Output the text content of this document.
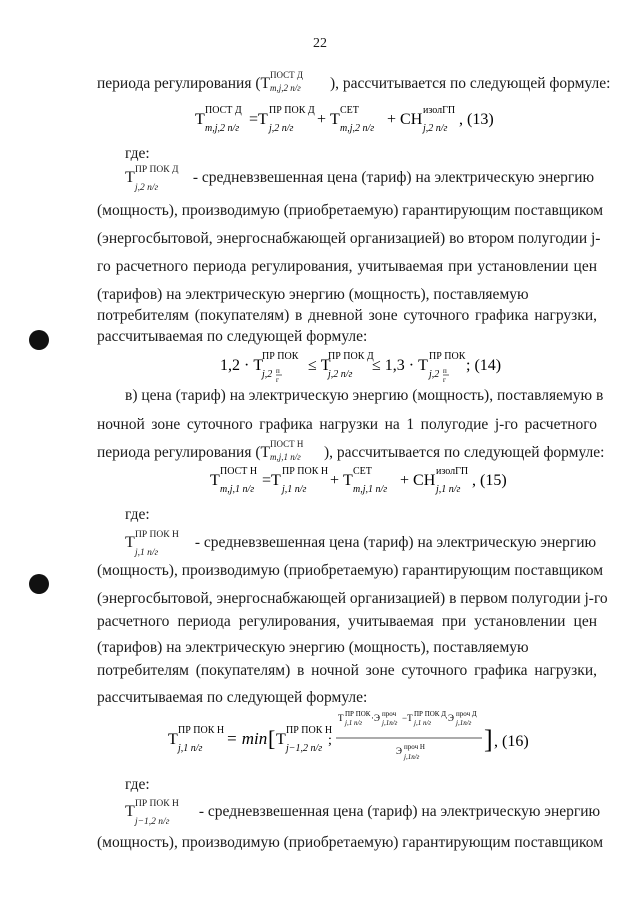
22
периода регулирования (Т ПОСТ Д
m,j,2 п/г ), рассчитывается по следующей формуле:
Т
ПОСТ Д
m,j,2 п/г
=Т
ПР ПОК Д
j,2 п/г
+ Т
СЕТ
m,j,2 п/г
+ СН
изолГП
j,2 п/г
, (13)
где:
Т ПР ПОК Д
j,2 п/г
- средневзвешенная цена (тариф) на электрическую энергию
(мощность), производимую (приобретаемую) гарантирующим поставщиком
(энергосбытовой, энергоснабжающей организацией) во втором полугодии j-
го расчетного периода регулирования, учитываемая при установлении цен
(тарифов) на электрическую энергию (мощность), поставляемую
потребителям (покупателям) в дневной зоне суточного графика нагрузки,
рассчитываемая по следующей формуле:
1,2 · Т
ПР ПОК
j,2 п
г
≤ Т
ПР ПОК Д
j,2 п/г
≤ 1,3 · Т
ПР ПОК
j,2 п
г
; (14)
в) цена (тариф) на электрическую энергию (мощность), поставляемую в
ночной зоне суточного графика нагрузки на 1 полугодие j-го расчетного
периода регулирования (Т ПОСТ Н
m,j,1 п/г ), рассчитывается по следующей формуле:
Т
ПОСТ Н
m,j,1 п/г
=Т
ПР ПОК Н
j,1 п/г
+ Т
СЕТ
m,j,1 п/г
+ СН
изолГП
j,1 п/г
, (15)
где:
Т ПР ПОК Н
j,1 п/г
- средневзвешенная цена (тариф) на электрическую энергию
(мощность), производимую (приобретаемую) гарантирующим поставщиком
(энергосбытовой, энергоснабжающей организацией) в первом полугодии j-го
расчетного периода регулирования, учитываемая при установлении цен
(тарифов) на электрическую энергию (мощность), поставляемую
потребителям (покупателям) в ночной зоне суточного графика нагрузки,
рассчитываемая по следующей формуле:
Т
ПР ПОК Н
j,1 п/г
= min [ Т
ПР ПОК Н
j−1,2 п/г
;
Т ПР ПОК
j,1 п/г ·Э проч
j,1п/г −Т ПР ПОК Д
j,1 п/г ·Э проч Д
j,1п/г
Э проч Н
j,1п/г
] , (16)
где:
Т ПР ПОК Н
j−1,2 п/г
- средневзвешенная цена (тариф) на электрическую энергию
(мощность), производимую (приобретаемую) гарантирующим поставщиком
